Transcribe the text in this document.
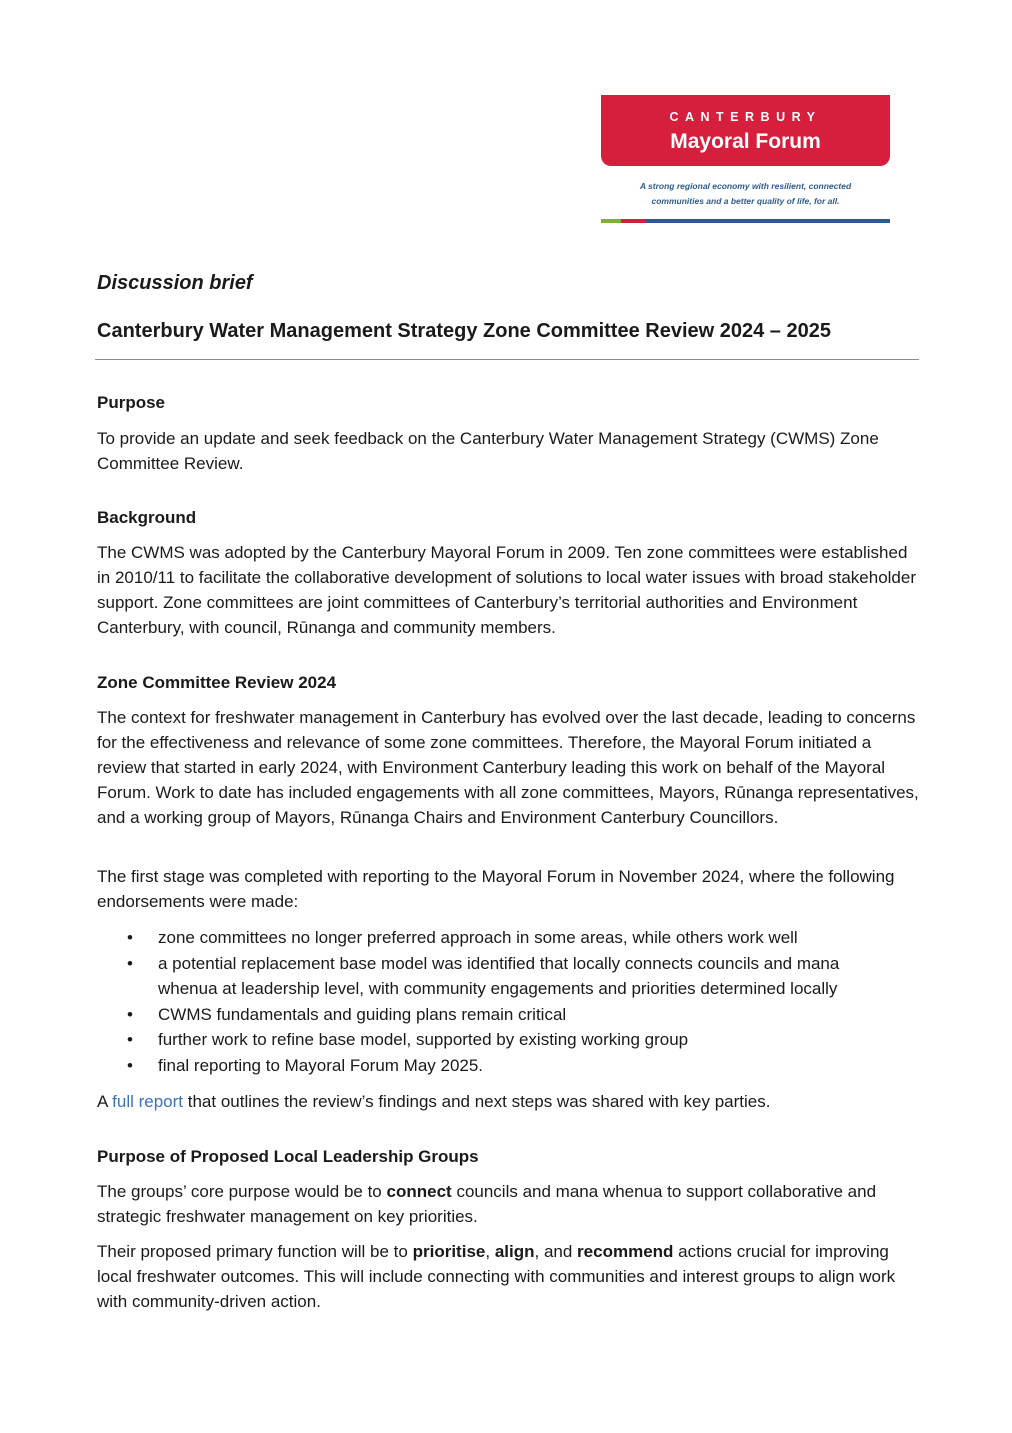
CANTERBURY
Mayoral Forum
A strong regional economy with resilient, connected
communities and a better quality of life, for all.
Discussion brief
Canterbury Water Management Strategy Zone Committee Review 2024 – 2025
Purpose

To provide an update and seek feedback on the Canterbury Water Management Strategy (CWMS) Zone Committee Review.

Background

The CWMS was adopted by the Canterbury Mayoral Forum in 2009. Ten zone committees were established in 2010/11 to facilitate the collaborative development of solutions to local water issues with broad stakeholder support. Zone committees are joint committees of Canterbury’s territorial authorities and Environment Canterbury, with council, Rūnanga and community members.

Zone Committee Review 2024

The context for freshwater management in Canterbury has evolved over the last decade, leading to concerns for the effectiveness and relevance of some zone committees. Therefore, the Mayoral Forum initiated a review that started in early 2024, with Environment Canterbury leading this work on behalf of the Mayoral Forum. Work to date has included engagements with all zone committees, Mayors, Rūnanga representatives, and a working group of Mayors, Rūnanga Chairs and Environment Canterbury Councillors.

The first stage was completed with reporting to the Mayoral Forum in November 2024, where the following endorsements were made:

• zone committees no longer preferred approach in some areas, while others work well
• a potential replacement base model was identified that locally connects councils and mana whenua at leadership level, with community engagements and priorities determined locally
• CWMS fundamentals and guiding plans remain critical
• further work to refine base model, supported by existing working group
• final reporting to Mayoral Forum May 2025.

A full report that outlines the review’s findings and next steps was shared with key parties.

Purpose of Proposed Local Leadership Groups

The groups’ core purpose would be to connect councils and mana whenua to support collaborative and strategic freshwater management on key priorities.

Their proposed primary function will be to prioritise, align, and recommend actions crucial for improving local freshwater outcomes. This will include connecting with communities and interest groups to align work with community-driven action.
